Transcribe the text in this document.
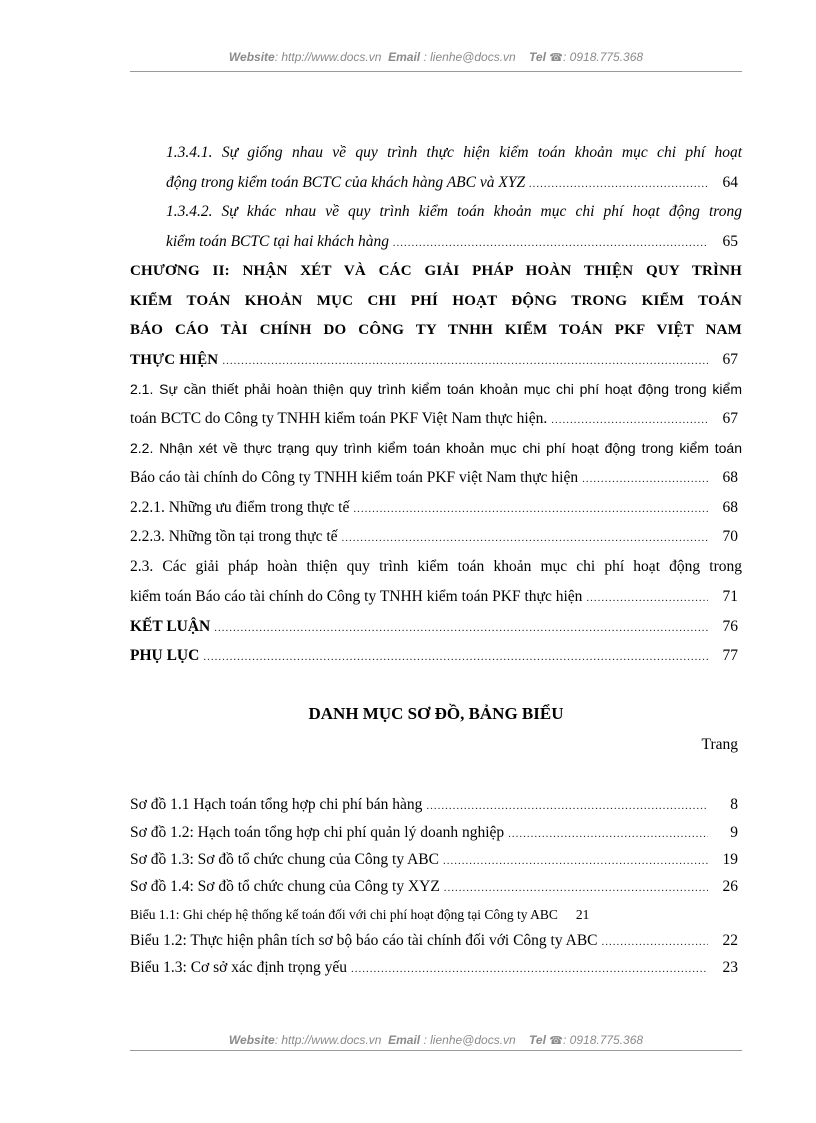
Website: http://www.docs.vn Email : lienhe@docs.vn Tel ☎: 0918.775.368
1.3.4.1. Sự giống nhau về quy trình thực hiện kiểm toán khoản mục chi phí hoạt
động trong kiểm toán BCTC của khách hàng ABC và XYZ .....	64
1.3.4.2. Sự khác nhau về quy trình kiểm toán khoản mục chi phí hoạt động trong
kiểm toán BCTC tại hai khách hàng .....	65
CHƯƠNG II: NHẬN XÉT VÀ CÁC GIẢI PHÁP HOÀN THIỆN QUY TRÌNH
KIỂM TOÁN KHOẢN MỤC CHI PHÍ HOẠT ĐỘNG TRONG KIỂM TOÁN
BÁO CÁO TÀI CHÍNH DO CÔNG TY TNHH KIỂM TOÁN PKF VIỆT NAM
THỰC HIỆN .....	67
2.1. Sự cần thiết phải hoàn thiện quy trình kiểm toán khoản mục chi phí hoạt động trong kiểm
toán BCTC do Công ty TNHH kiểm toán PKF Việt Nam thực hiện. .....	67
2.2. Nhận xét về thực trạng quy trình kiểm toán khoản mục chi phí hoạt động trong kiểm toán
Báo cáo tài chính do Công ty TNHH kiểm toán PKF việt Nam thực hiện .....	68
2.2.1. Những ưu điểm trong thực tế .....	68
2.2.3. Những tồn tại trong thực tế .....	70
2.3. Các giải pháp hoàn thiện quy trình kiểm toán khoản mục chi phí hoạt động trong
kiểm toán Báo cáo tài chính do Công ty TNHH kiểm toán PKF thực hiện .....	71
KẾT LUẬN .....	76
PHỤ LỤC .....	77
DANH MỤC SƠ ĐỒ, BẢNG BIỂU
Trang
Sơ đồ 1.1 Hạch toán tổng hợp chi phí bán hàng .....	8
Sơ đồ 1.2: Hạch toán tổng hợp chi phí quản lý doanh nghiệp .....	9
Sơ đồ 1.3: Sơ đồ tổ chức chung của Công ty ABC .....	19
Sơ đồ 1.4: Sơ đồ tổ chức chung của Công ty XYZ .....	26
Biểu 1.1: Ghi chép hệ thống kế toán đối với chi phí hoạt động tại Công ty ABC 21
Biểu 1.2: Thực hiện phân tích sơ bộ báo cáo tài chính đối với Công ty ABC .....	22
Biểu 1.3: Cơ sở xác định trọng yếu .....	23
Website: http://www.docs.vn Email : lienhe@docs.vn Tel ☎: 0918.775.368
